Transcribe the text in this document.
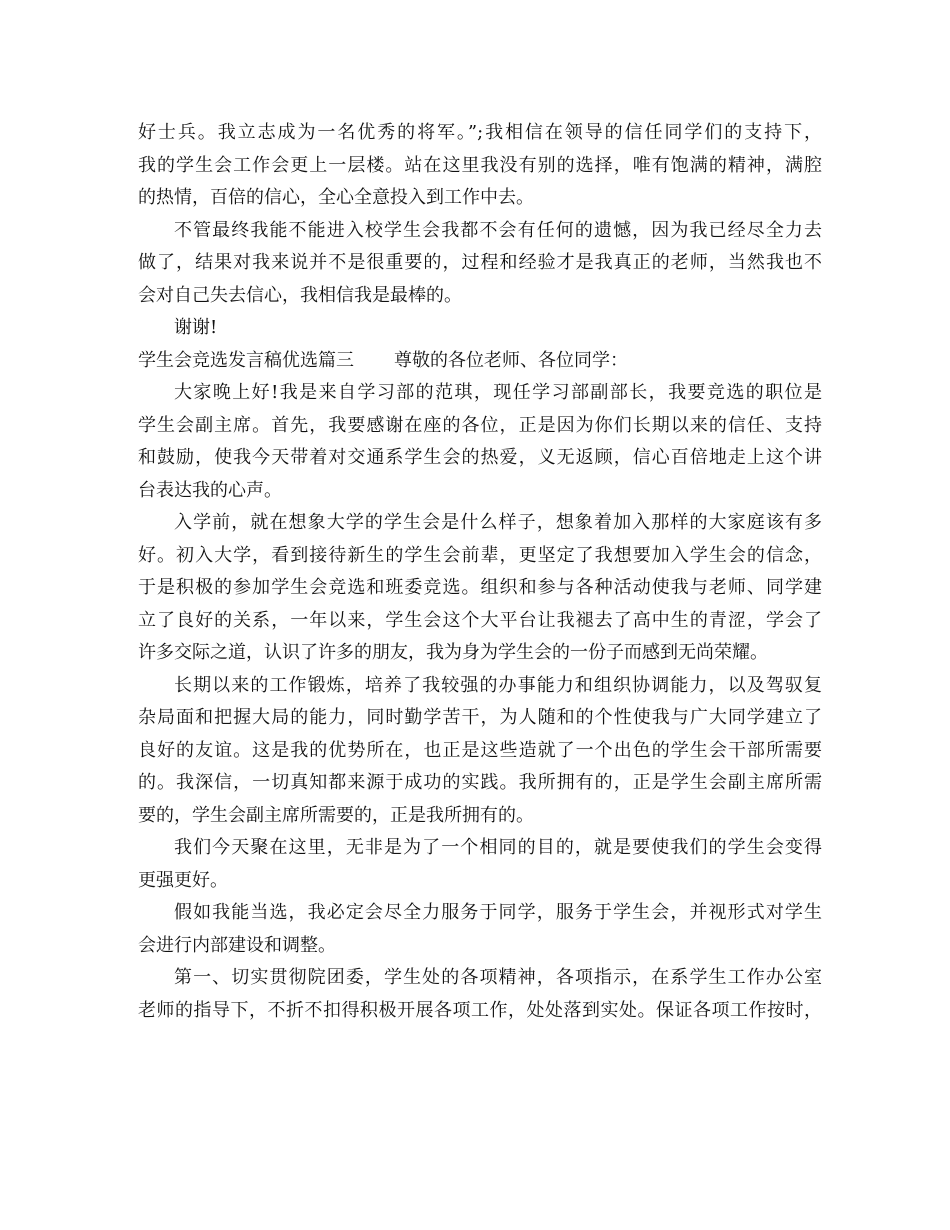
好士兵。我立志成为一名优秀的将军。”;我相信在领导的信任同学们的支持下，
我的学生会工作会更上一层楼。站在这里我没有别的选择，唯有饱满的精神，满腔
的热情，百倍的信心，全心全意投入到工作中去。
不管最终我能不能进入校学生会我都不会有任何的遗憾，因为我已经尽全力去
做了，结果对我来说并不是很重要的，过程和经验才是我真正的老师，当然我也不
会对自己失去信心，我相信我是最棒的。
谢谢!
学生会竞选发言稿优选篇三 尊敬的各位老师、各位同学：
大家晚上好!我是来自学习部的范琪，现任学习部副部长，我要竞选的职位是
学生会副主席。首先，我要感谢在座的各位，正是因为你们长期以来的信任、支持
和鼓励，使我今天带着对交通系学生会的热爱，义无返顾，信心百倍地走上这个讲
台表达我的心声。
入学前，就在想象大学的学生会是什么样子，想象着加入那样的大家庭该有多
好。初入大学，看到接待新生的学生会前辈，更坚定了我想要加入学生会的信念，
于是积极的参加学生会竞选和班委竞选。组织和参与各种活动使我与老师、同学建
立了良好的关系，一年以来，学生会这个大平台让我褪去了高中生的青涩，学会了
许多交际之道，认识了许多的朋友，我为身为学生会的一份子而感到无尚荣耀。
长期以来的工作锻炼，培养了我较强的办事能力和组织协调能力，以及驾驭复
杂局面和把握大局的能力，同时勤学苦干，为人随和的个性使我与广大同学建立了
良好的友谊。这是我的优势所在，也正是这些造就了一个出色的学生会干部所需要
的。我深信，一切真知都来源于成功的实践。我所拥有的，正是学生会副主席所需
要的，学生会副主席所需要的，正是我所拥有的。
我们今天聚在这里，无非是为了一个相同的目的，就是要使我们的学生会变得
更强更好。
假如我能当选，我必定会尽全力服务于同学，服务于学生会，并视形式对学生
会进行内部建设和调整。
第一、切实贯彻院团委，学生处的各项精神，各项指示，在系学生工作办公室
老师的指导下，不折不扣得积极开展各项工作，处处落到实处。保证各项工作按时，
